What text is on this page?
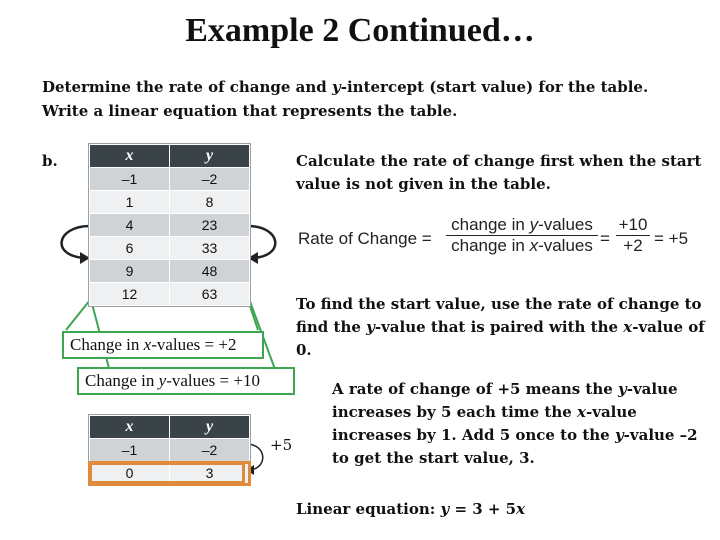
Example 2 Continued…
Determine the rate of change and y-intercept (start value) for the table.
Write a linear equation that represents the table.
b.	x	y
–1	–2
1	8
4	23
6	33
9	48
12	63
Change in x-values = +2
Change in y-values = +10
x	y
–1	–2
0	3
+5
Calculate the rate of change first when the start value is not given in the table.
Rate of Change =
change in y-values
change in x-values = $\frac{+10}{+2} = +5$
To find the start value, use the rate of change to find the y-value that is paired with the x-value of 0.
A rate of change of +5 means the y-value increases by 5 each time the x-value increases by 1. Add 5 once to the y-value –2 to get the start value, 3.
Linear equation: y = 3 + 5x
